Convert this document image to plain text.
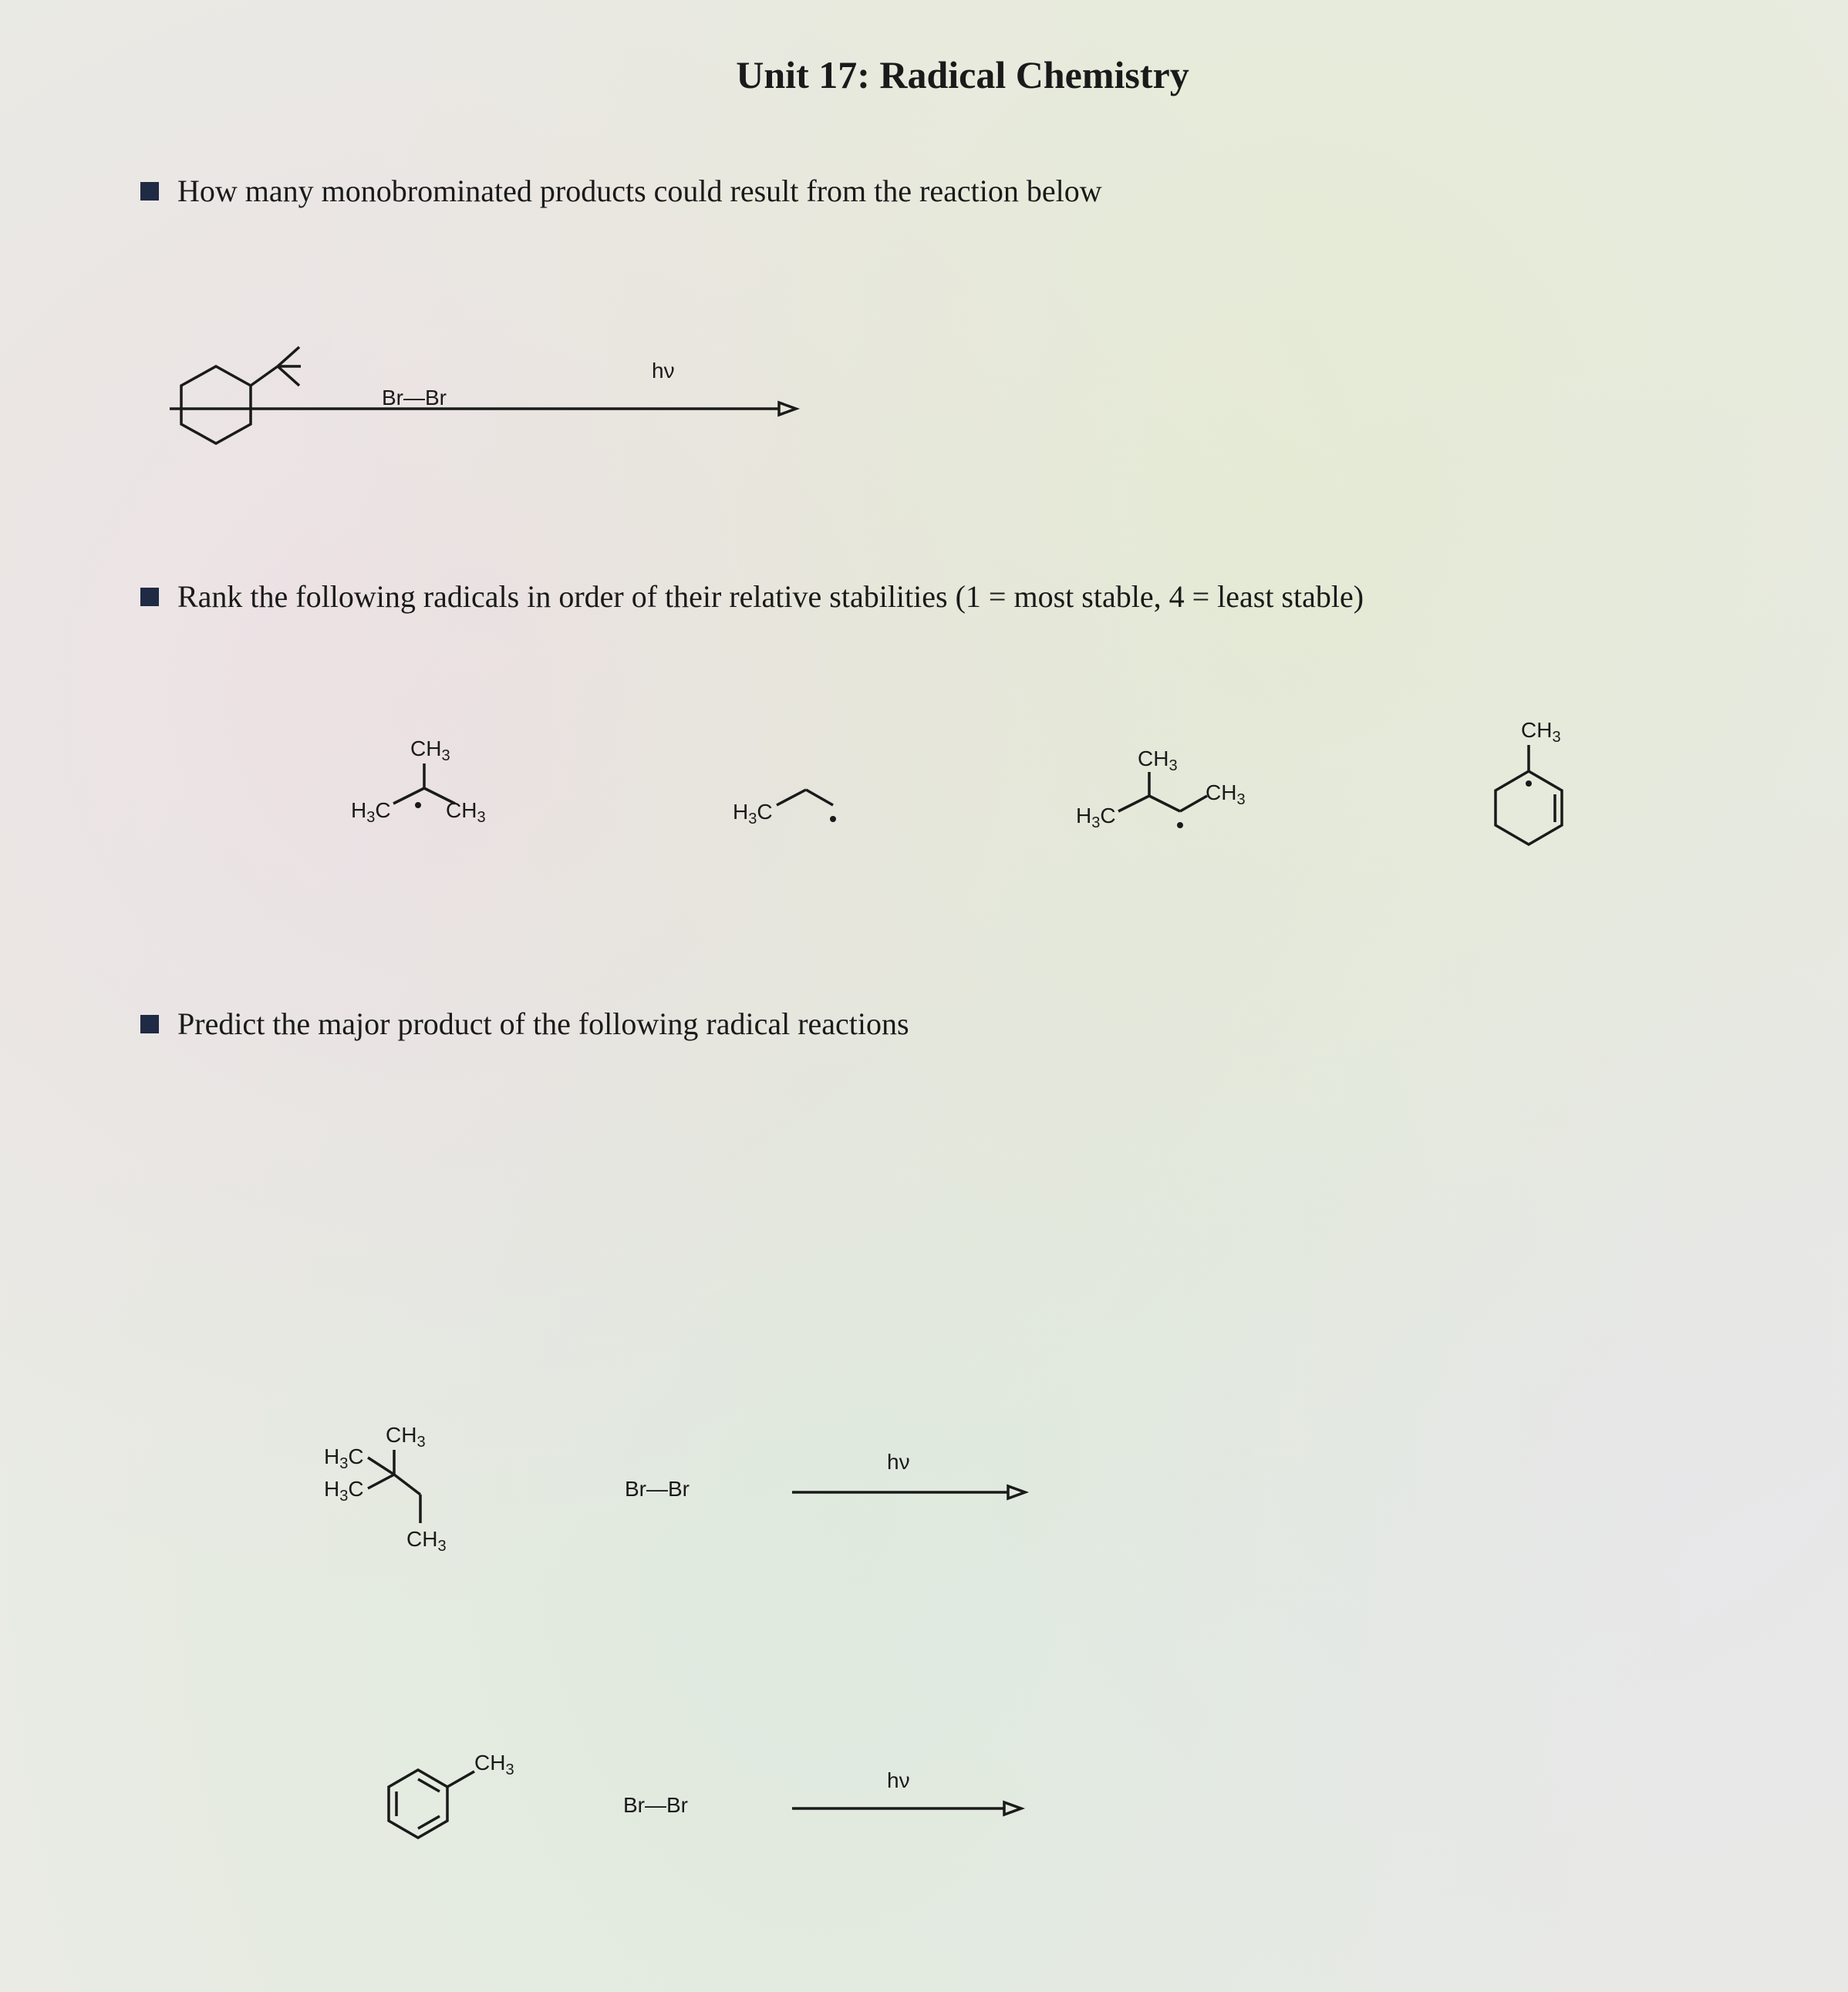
Unit 17: Radical Chemistry
How many monobrominated products could result from the reaction below
Br—Br
hν
Rank the following radicals in order of their relative stabilities (1 = most stable, 4 = least stable)
$CH_3$
$H_3C$	$CH_3$	$H_3C$
$CH_3$
$H_3C$
$CH_3$
$CH_3$
Predict the major product of the following radical reactions
$CH_3$
$H_3C$
$H_3C$
$CH_3$
Br—Br
hν
$CH_3$
Br—Br
hν
